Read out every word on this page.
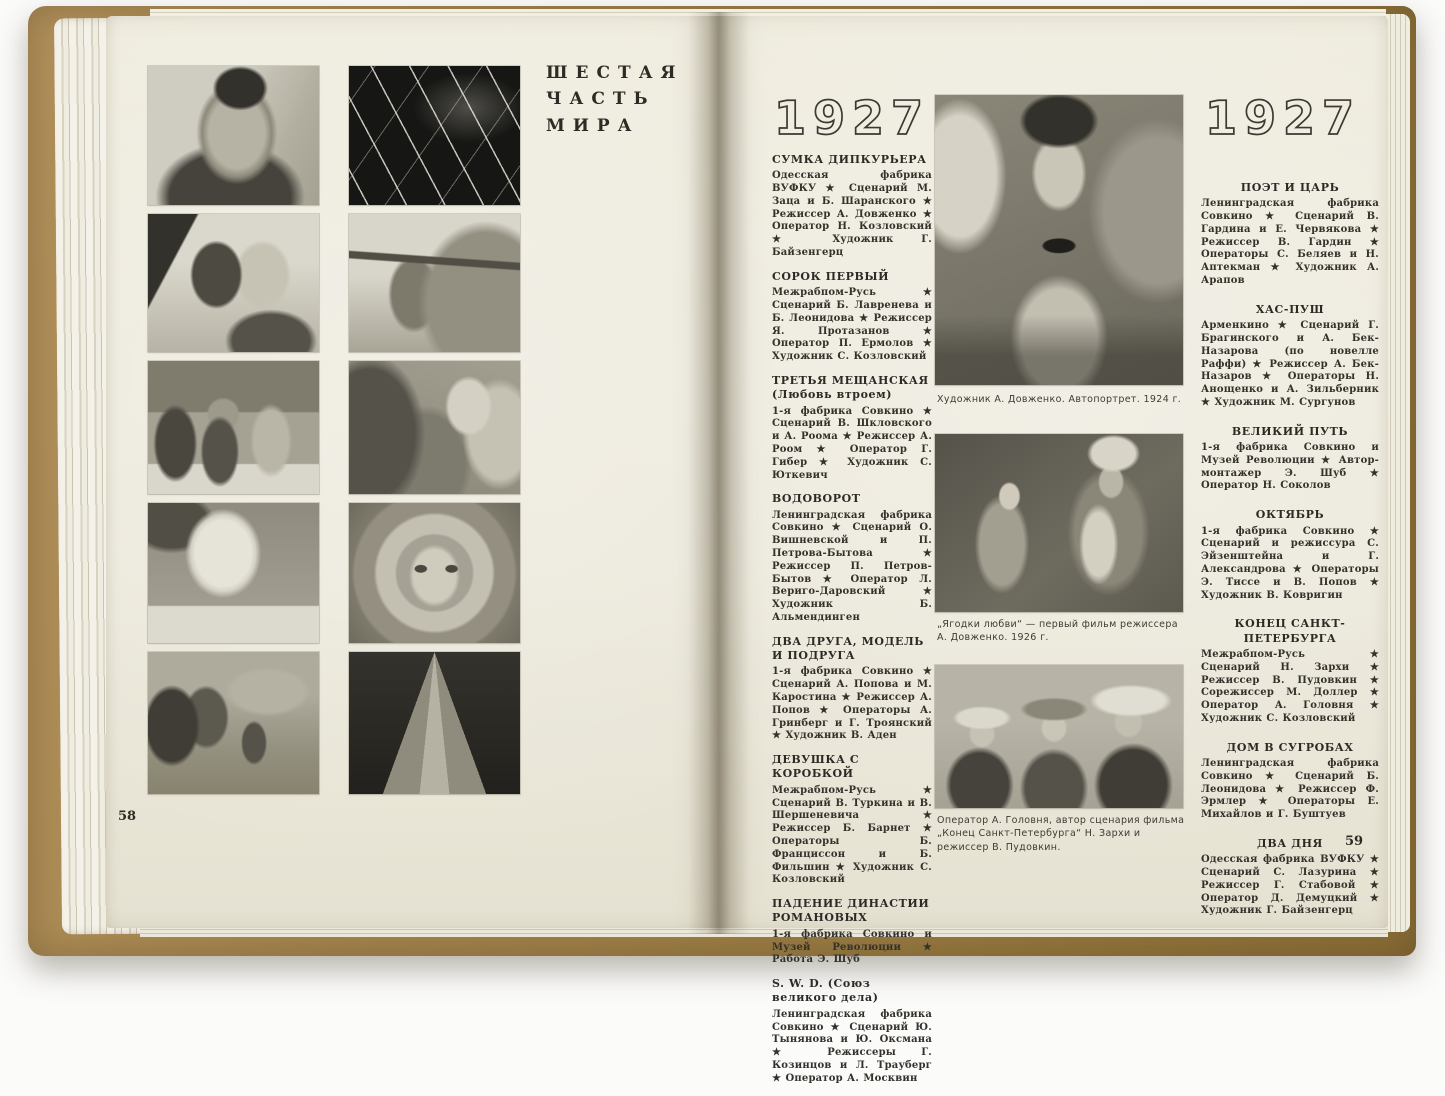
ШЕСТАЯ
ЧАСТЬ
МИРА
58
1927
СУМКА ДИПКУРЬЕРА

Одесская фабрика ВУФКУ ★ Сценарий М. Заца и Б. Шаранского ★ Режиссер А. Довженко ★ Оператор Н. Козловский ★ Художник Г. Байзенгерц

СОРОК ПЕРВЫЙ

Межрабпом-Русь ★ Сценарий Б. Лавренева и Б. Леонидова ★ Режиссер Я. Протазанов ★ Оператор П. Ермолов ★ Художник С. Козловский

ТРЕТЬЯ МЕЩАНСКАЯ (Любовь втроем)

1-я фабрика Совкино ★ Сценарий В. Шкловского и А. Роома ★ Режиссер А. Роом ★ Оператор Г. Гибер ★ Художник С. Юткевич

ВОДОВОРОТ

Ленинградская фабрика Совкино ★ Сценарий О. Вишневской и П. Петрова-Бытова ★ Режиссер П. Петров-Бытов ★ Оператор Л. Вериго-Даровский ★ Художник Б. Альмендинген

ДВА ДРУГА, МОДЕЛЬ И ПОДРУГА

1-я фабрика Совкино ★ Сценарий А. Попова и М. Каростина ★ Режиссер А. Попов ★ Операторы А. Гринберг и Г. Троянский ★ Художник В. Аден

ДЕВУШКА С КОРОБКОЙ

Межрабпом-Русь ★ Сценарий В. Туркина и В. Шершеневича ★ Режиссер Б. Барнет ★ Операторы Б. Франциссон и Б. Фильшин ★ Художник С. Козловский

ПАДЕНИЕ ДИНАСТИИ РОМАНОВЫХ

1-я фабрика Совкино и Музей Революции ★ Работа Э. Шуб

S. W. D. (Союз великого дела)

Ленинградская фабрика Совкино ★ Сценарий Ю. Тынянова и Ю. Оксмана ★ Режиссеры Г. Козинцов и Л. Трауберг ★ Оператор А. Москвин

Художник А. Довженко. Автопортрет. 1924 г.
„Ягодки любви“ — первый фильм режиссера А. Довженко. 1926 г.
Оператор А. Головня, автор сценария фильма „Конец Санкт-Петербурга“ Н. Зархи и режиссер В. Пудовкин.
1927
ПОЭТ И ЦАРЬ

Ленинградская фабрика Совкино ★ Сценарий В. Гардина и Е. Червякова ★ Режиссер В. Гардин ★ Операторы С. Беляев и Н. Аптекман ★ Художник А. Арапов

ХАС-ПУШ

Арменкино ★ Сценарий Г. Брагинского и А. Бек-Назарова (по новелле Раффи) ★ Режиссер А. Бек-Назаров ★ Операторы Н. Анощенко и А. Зильберник ★ Художник М. Сургунов

ВЕЛИКИЙ ПУТЬ

1-я фабрика Совкино и Музей Революции ★ Автор-монтажер Э. Шуб ★ Оператор Н. Соколов

ОКТЯБРЬ

1-я фабрика Совкино ★ Сценарий и режиссура С. Эйзенштейна и Г. Александрова ★ Операторы Э. Тиссе и В. Попов ★ Художник В. Ковригин

КОНЕЦ САНКТ-ПЕТЕРБУРГА

Межрабпом-Русь ★ Сценарий Н. Зархи ★ Режиссер В. Пудовкин ★ Сорежиссер М. Доллер ★ Оператор А. Головня ★ Художник С. Козловский

ДОМ В СУГРОБАХ

Ленинградская фабрика Совкино ★ Сценарий Б. Леонидова ★ Режиссер Ф. Эрмлер ★ Операторы Е. Михайлов и Г. Буштуев

ДВА ДНЯ

Одесская фабрика ВУФКУ ★ Сценарий С. Лазурина ★ Режиссер Г. Стабовой ★ Оператор Д. Демуцкий ★ Художник Г. Байзенгерц

59
